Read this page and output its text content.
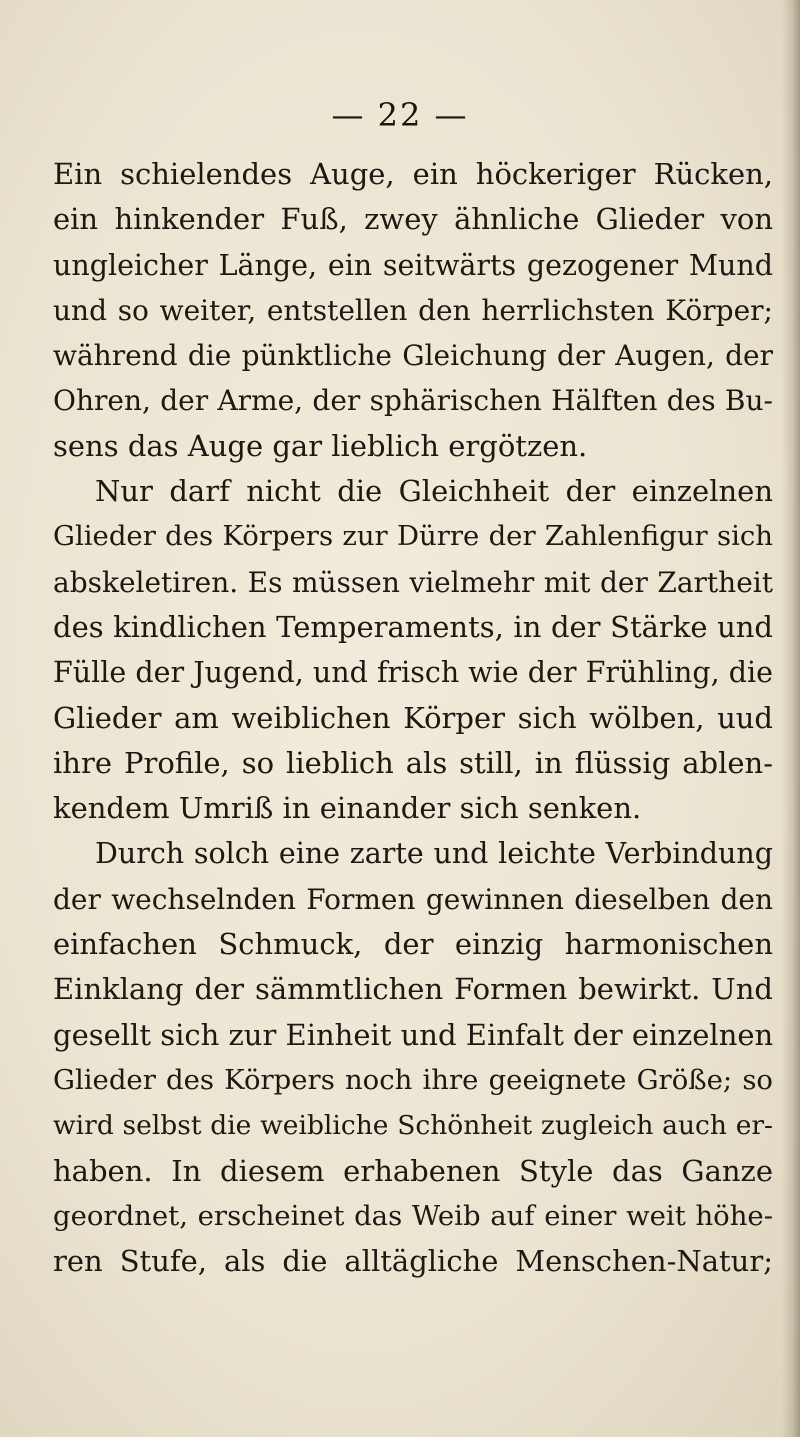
— 22 —
Ein schielendes Auge, ein höckeriger Rücken,
ein hinkender Fuß, zwey ähnliche Glieder von
ungleicher Länge, ein seitwärts gezogener Mund
und so weiter, entstellen den herrlichsten Körper;
während die pünktliche Gleichung der Augen, der
Ohren, der Arme, der sphärischen Hälften des Bu-
sens das Auge gar lieblich ergötzen.
Nur darf nicht die Gleichheit der einzelnen
Glieder des Körpers zur Dürre der Zahlenfigur sich
abskeletiren. Es müssen vielmehr mit der Zartheit
des kindlichen Temperaments, in der Stärke und
Fülle der Jugend, und frisch wie der Frühling, die
Glieder am weiblichen Körper sich wölben, uud
ihre Profile, so lieblich als still, in flüssig ablen-
kendem Umriß in einander sich senken.
Durch solch eine zarte und leichte Verbindung
der wechselnden Formen gewinnen dieselben den
einfachen Schmuck, der einzig harmonischen
Einklang der sämmtlichen Formen bewirkt. Und
gesellt sich zur Einheit und Einfalt der einzelnen
Glieder des Körpers noch ihre geeignete Größe; so
wird selbst die weibliche Schönheit zugleich auch er-
haben. In diesem erhabenen Style das Ganze
geordnet, erscheinet das Weib auf einer weit höhe-
ren Stufe, als die alltägliche Menschen-Natur;
